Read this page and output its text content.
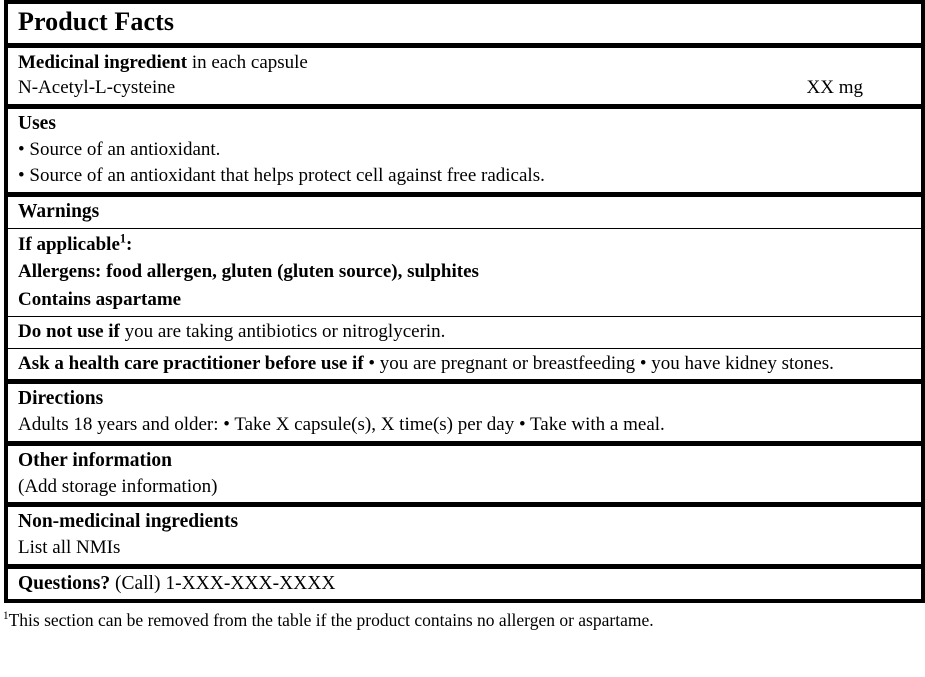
Product Facts
Medicinal ingredient in each capsule
N-Acetyl-L-cysteine	XX mg
Uses
• Source of an antioxidant.
• Source of an antioxidant that helps protect cell against free radicals.
Warnings
If applicable$^1$:
Allergens: food allergen, gluten (gluten source), sulphites
Contains aspartame
Do not use if you are taking antibiotics or nitroglycerin.
Ask a health care practitioner before use if • you are pregnant or breastfeeding • you have kidney stones.
Directions
Adults 18 years and older: • Take X capsule(s), X time(s) per day • Take with a meal.
Other information
(Add storage information)
Non-medicinal ingredients
List all NMIs
Questions? (Call) 1-XXX-XXX-XXXX

$^1$This section can be removed from the table if the product contains no allergen or aspartame.
